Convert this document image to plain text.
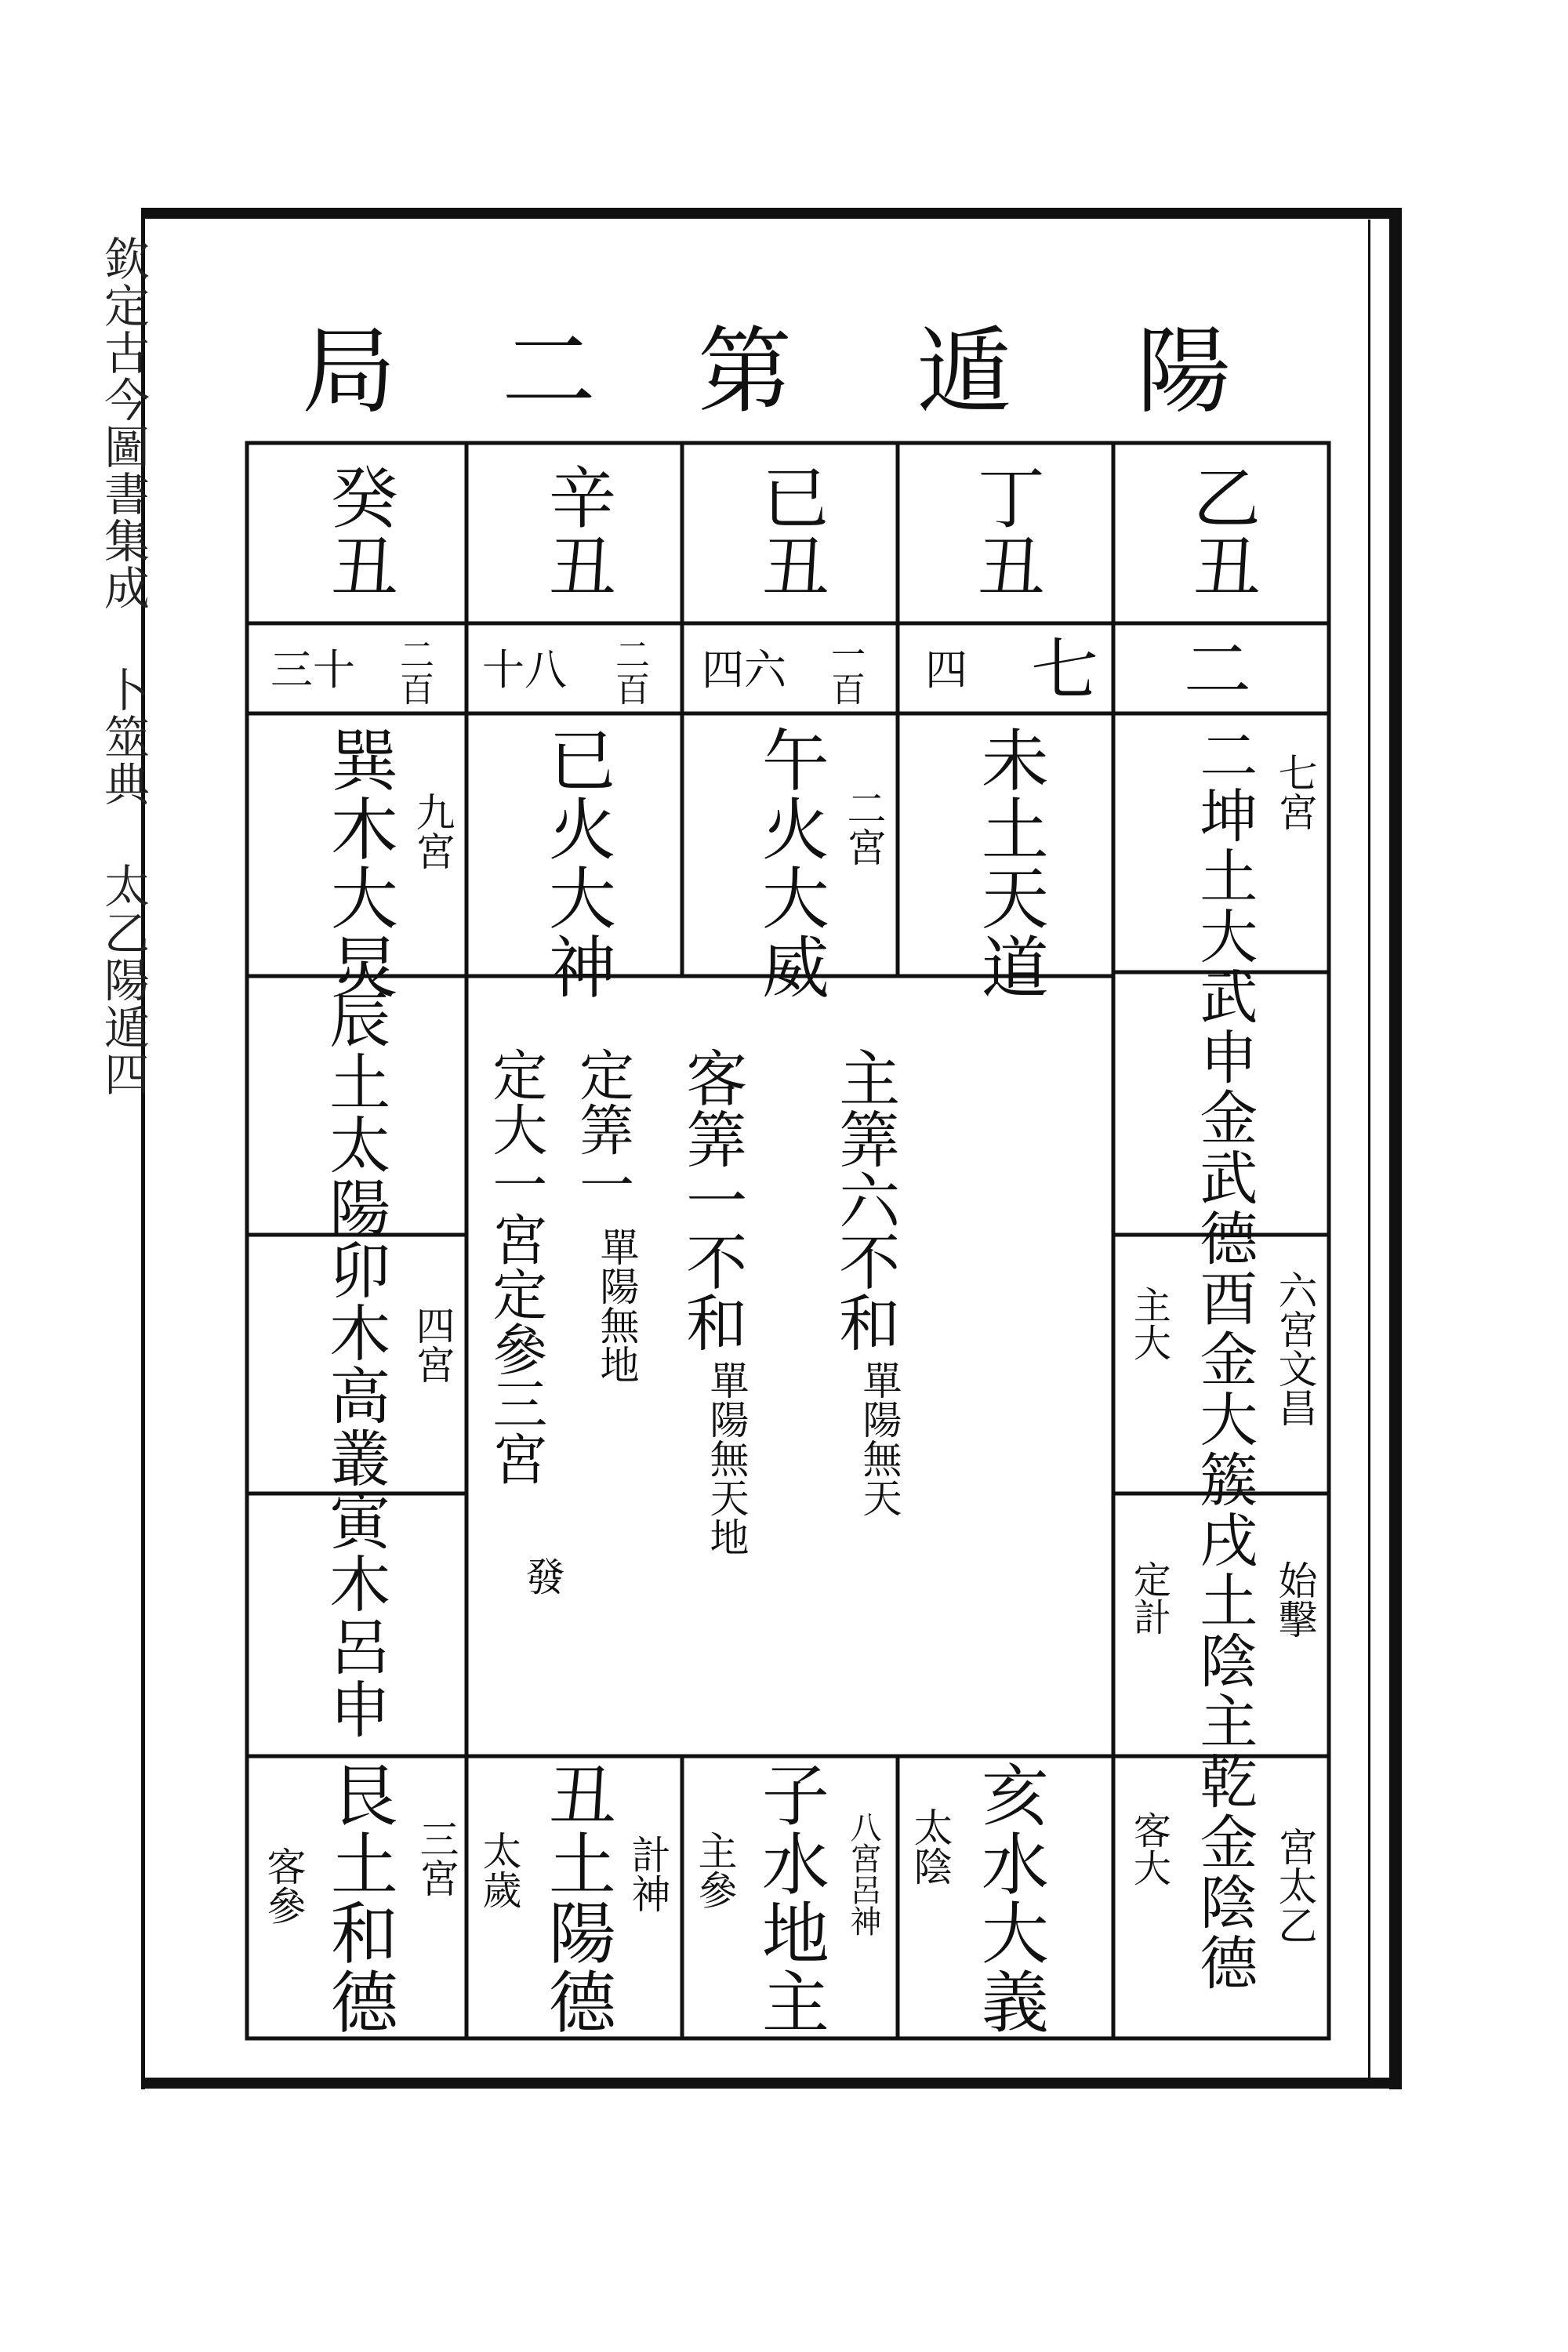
欽定古今圖書集成 卜筮典 太乙陽遁四	陽
遁
第
二
局
乙丑
丁丑
已丑
辛丑
癸丑
二
七
四
一百
四六
二百
十八
二百
三十
二坤土大武申金武德酉金大簇戌土陰主乾金陰德 七宮
六宮文昌
始擊
宮太乙
主大
定計
客大
未土天道
午火大威 二宮
已火大神
巽木大炅 九宮
辰土太陽卯木高叢寅木呂申 四宮
亥水大義
太陰
子水地主 八宮呂神
主參
丑土陽德 計神
太歲
艮土和德 三宮
客參
主筭六不和
單陽無天
客筭一不和
單陽無天地
定筭一
單陽無地
定大一宮定參三宮
發
